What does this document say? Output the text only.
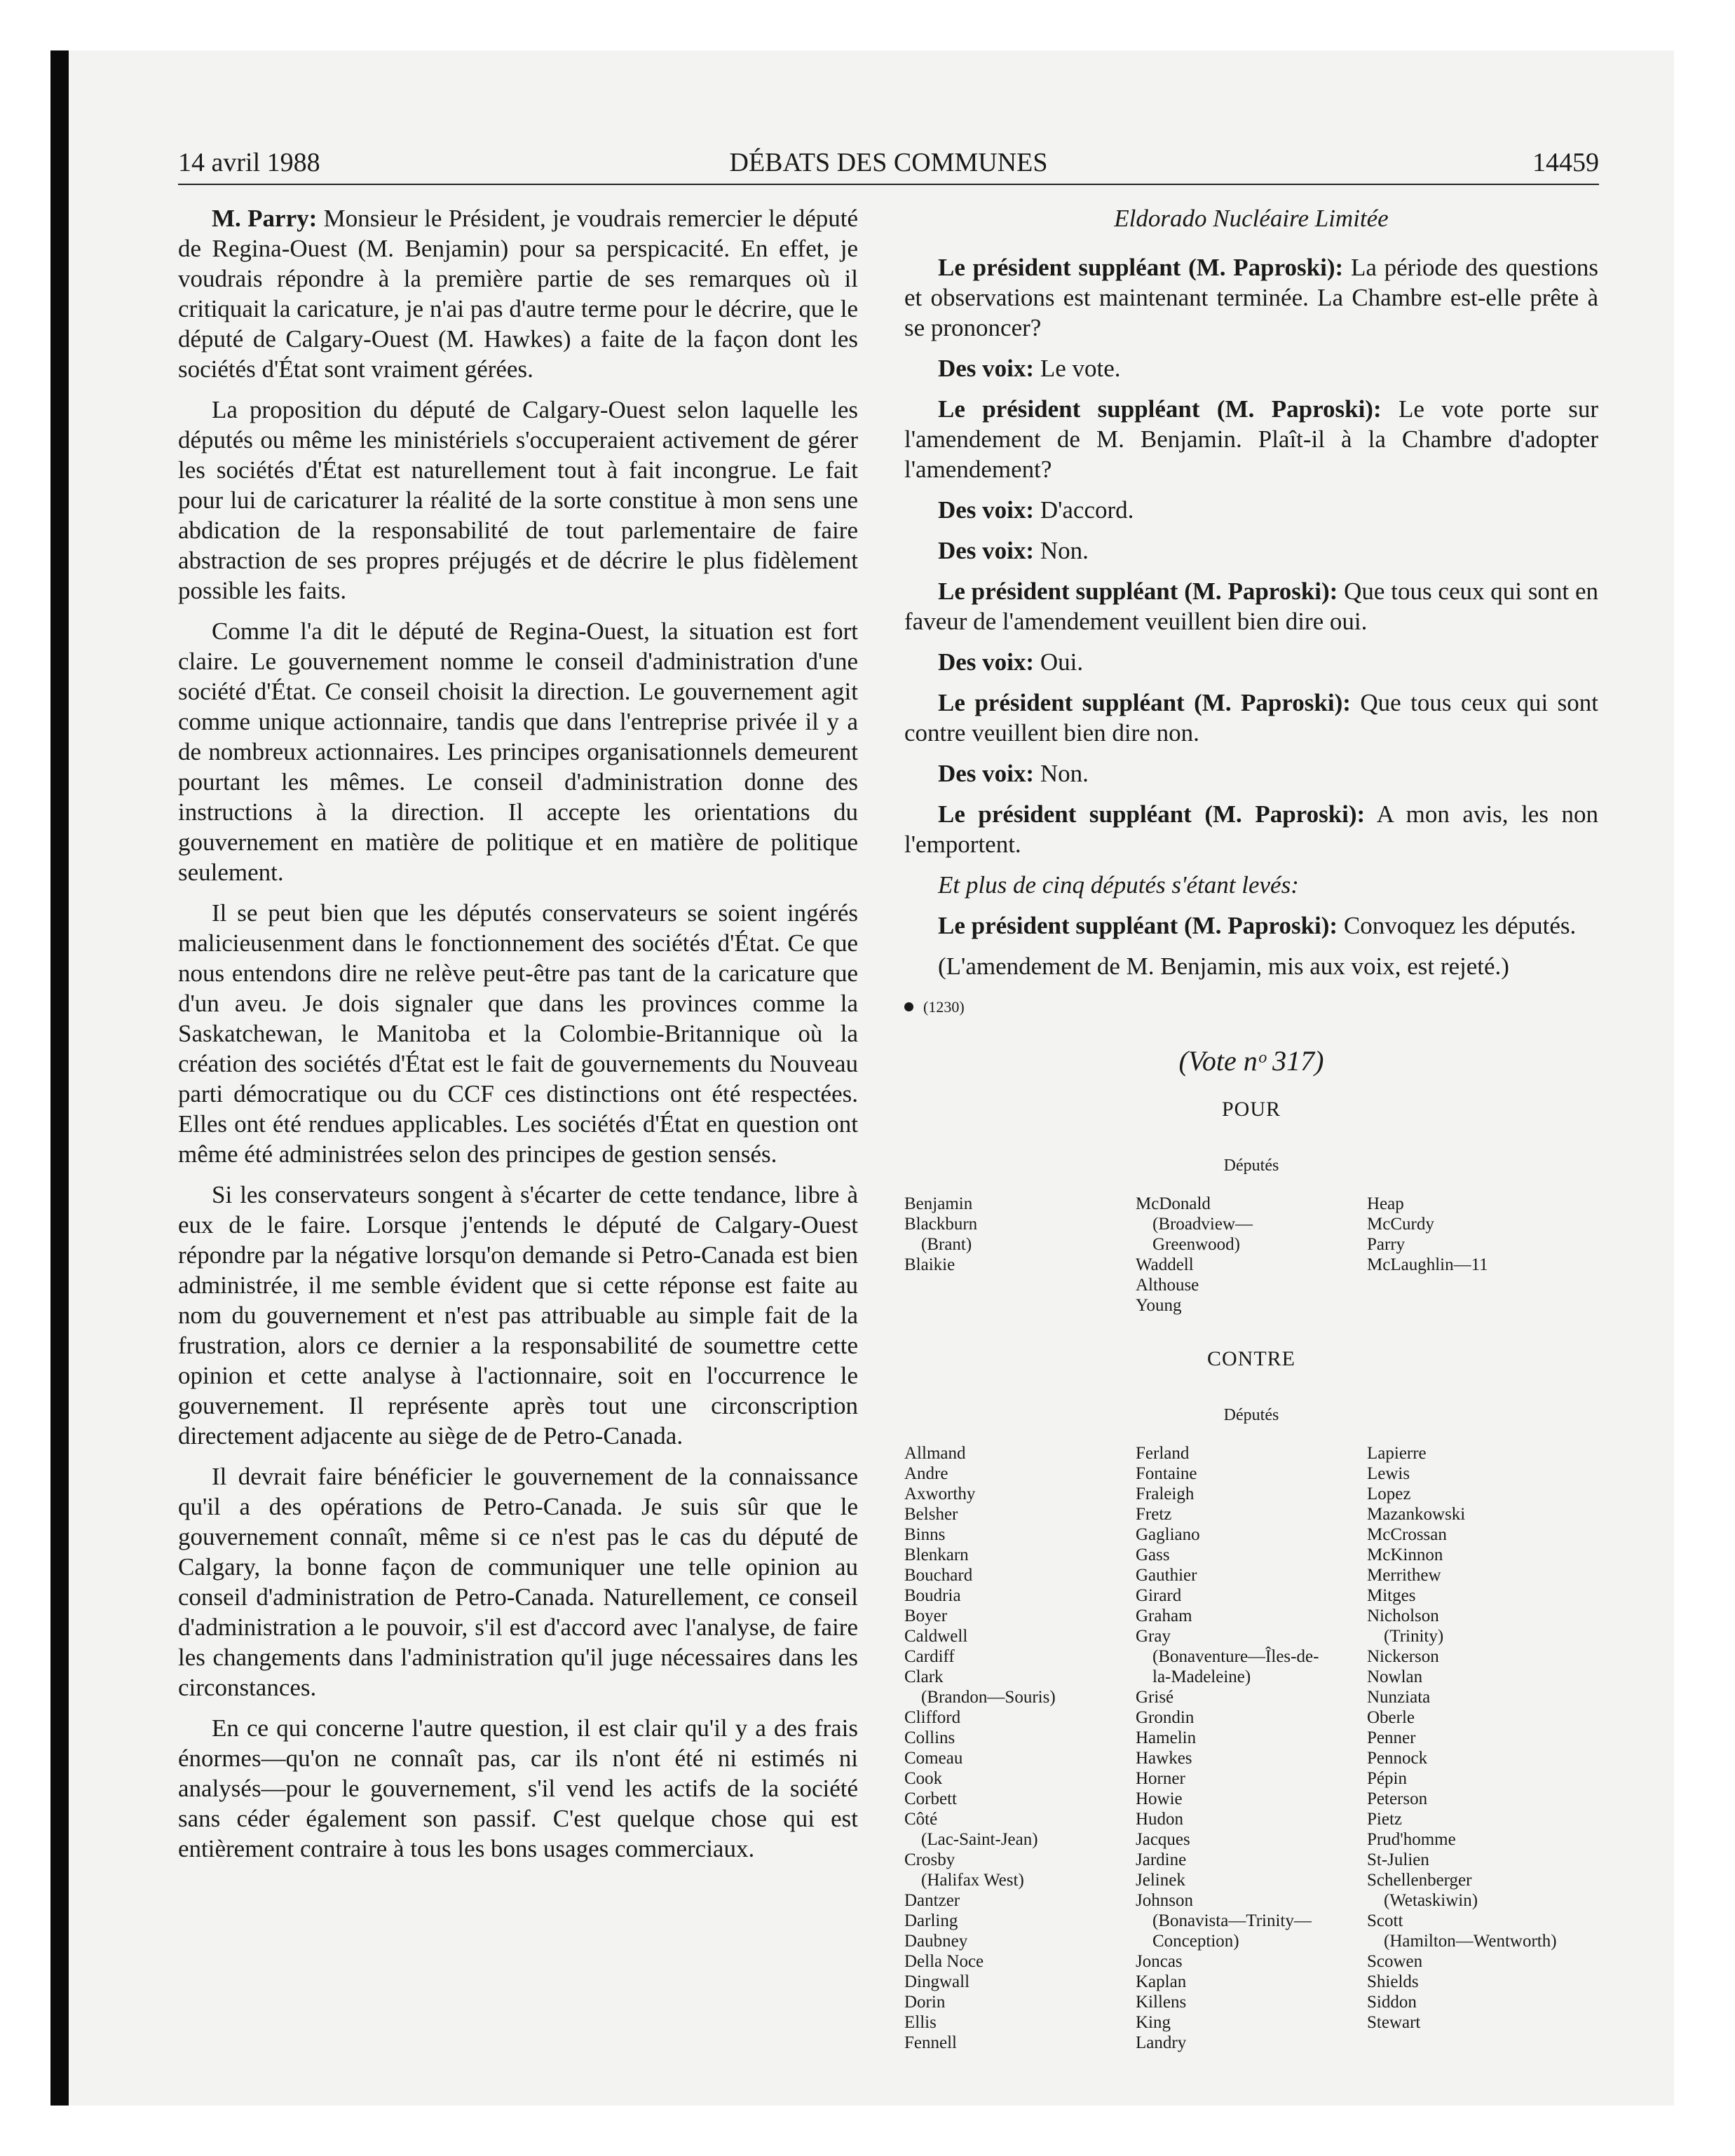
14 avril 1988	DÉBATS DES COMMUNES	14459

M. Parry: Monsieur le Président, je voudrais remercier le député de Regina-Ouest (M. Benjamin) pour sa perspicacité. En effet, je voudrais répondre à la première partie de ses remarques où il critiquait la caricature, je n'ai pas d'autre terme pour le décrire, que le député de Calgary-Ouest (M. Hawkes) a faite de la façon dont les sociétés d'État sont vraiment gérées.

La proposition du député de Calgary-Ouest selon laquelle les députés ou même les ministériels s'occuperaient activement de gérer les sociétés d'État est naturellement tout à fait incongrue. Le fait pour lui de caricaturer la réalité de la sorte constitue à mon sens une abdication de la responsabilité de tout parlementaire de faire abstraction de ses propres préjugés et de décrire le plus fidèlement possible les faits.

Comme l'a dit le député de Regina-Ouest, la situation est fort claire. Le gouvernement nomme le conseil d'administration d'une société d'État. Ce conseil choisit la direction. Le gouvernement agit comme unique actionnaire, tandis que dans l'entreprise privée il y a de nombreux actionnaires. Les principes organisationnels demeurent pourtant les mêmes. Le conseil d'administration donne des instructions à la direction. Il accepte les orientations du gouvernement en matière de politique et en matière de politique seulement.

Il se peut bien que les députés conservateurs se soient ingérés malicieusenment dans le fonctionnement des sociétés d'État. Ce que nous entendons dire ne relève peut-être pas tant de la caricature que d'un aveu. Je dois signaler que dans les provinces comme la Saskatchewan, le Manitoba et la Colombie-Britannique où la création des sociétés d'État est le fait de gouvernements du Nouveau parti démocratique ou du CCF ces distinctions ont été respectées. Elles ont été rendues applicables. Les sociétés d'État en question ont même été administrées selon des principes de gestion sensés.

Si les conservateurs songent à s'écarter de cette tendance, libre à eux de le faire. Lorsque j'entends le député de Calgary-Ouest répondre par la négative lorsqu'on demande si Petro-Canada est bien administrée, il me semble évident que si cette réponse est faite au nom du gouvernement et n'est pas attribuable au simple fait de la frustration, alors ce dernier a la responsabilité de soumettre cette opinion et cette analyse à l'actionnaire, soit en l'occurrence le gouvernement. Il représente après tout une circonscription directement adjacente au siège de de Petro-Canada.

Il devrait faire bénéficier le gouvernement de la connaissance qu'il a des opérations de Petro-Canada. Je suis sûr que le gouvernement connaît, même si ce n'est pas le cas du député de Calgary, la bonne façon de communiquer une telle opinion au conseil d'administration de Petro-Canada. Naturellement, ce conseil d'administration a le pouvoir, s'il est d'accord avec l'analyse, de faire les changements dans l'administration qu'il juge nécessaires dans les circonstances.

En ce qui concerne l'autre question, il est clair qu'il y a des frais énormes—qu'on ne connaît pas, car ils n'ont été ni estimés ni analysés—pour le gouvernement, s'il vend les actifs de la société sans céder également son passif. C'est quelque chose qui est entièrement contraire à tous les bons usages commerciaux.

Eldorado Nucléaire Limitée

Le président suppléant (M. Paproski): La période des questions et observations est maintenant terminée. La Chambre est-elle prête à se prononcer?

Des voix: Le vote.

Le président suppléant (M. Paproski): Le vote porte sur l'amendement de M. Benjamin. Plaît-il à la Chambre d'adopter l'amendement?

Des voix: D'accord.

Des voix: Non.

Le président suppléant (M. Paproski): Que tous ceux qui sont en faveur de l'amendement veuillent bien dire oui.

Des voix: Oui.

Le président suppléant (M. Paproski): Que tous ceux qui sont contre veuillent bien dire non.

Des voix: Non.

Le président suppléant (M. Paproski): A mon avis, les non l'emportent.

Et plus de cinq députés s'étant levés:

Le président suppléant (M. Paproski): Convoquez les députés.

(L'amendement de M. Benjamin, mis aux voix, est rejeté.)

(1230)
(Vote nᵒ 317)
POUR
Députés
Benjamin
Blackburn
(Brant)
Blaikie
McDonald
(Broadview—
Greenwood)
Waddell
Althouse
Young
Heap
McCurdy
Parry
McLaughlin—11
CONTRE
Députés
Allmand
Andre
Axworthy
Belsher
Binns
Blenkarn
Bouchard
Boudria
Boyer
Caldwell
Cardiff
Clark
(Brandon—Souris)
Clifford
Collins
Comeau
Cook
Corbett
Côté
(Lac-Saint-Jean)
Crosby
(Halifax West)
Dantzer
Darling
Daubney
Della Noce
Dingwall
Dorin
Ellis
Fennell
Ferland
Fontaine
Fraleigh
Fretz
Gagliano
Gass
Gauthier
Girard
Graham
Gray
(Bonaventure—Îles-de-
la-Madeleine)
Grisé
Grondin
Hamelin
Hawkes
Horner
Howie
Hudon
Jacques
Jardine
Jelinek
Johnson
(Bonavista—Trinity—
Conception)
Joncas
Kaplan
Killens
King
Landry
Lapierre
Lewis
Lopez
Mazankowski
McCrossan
McKinnon
Merrithew
Mitges
Nicholson
(Trinity)
Nickerson
Nowlan
Nunziata
Oberle
Penner
Pennock
Pépin
Peterson
Pietz
Prud'homme
St-Julien
Schellenberger
(Wetaskiwin)
Scott
(Hamilton—Wentworth)
Scowen
Shields
Siddon
Stewart
